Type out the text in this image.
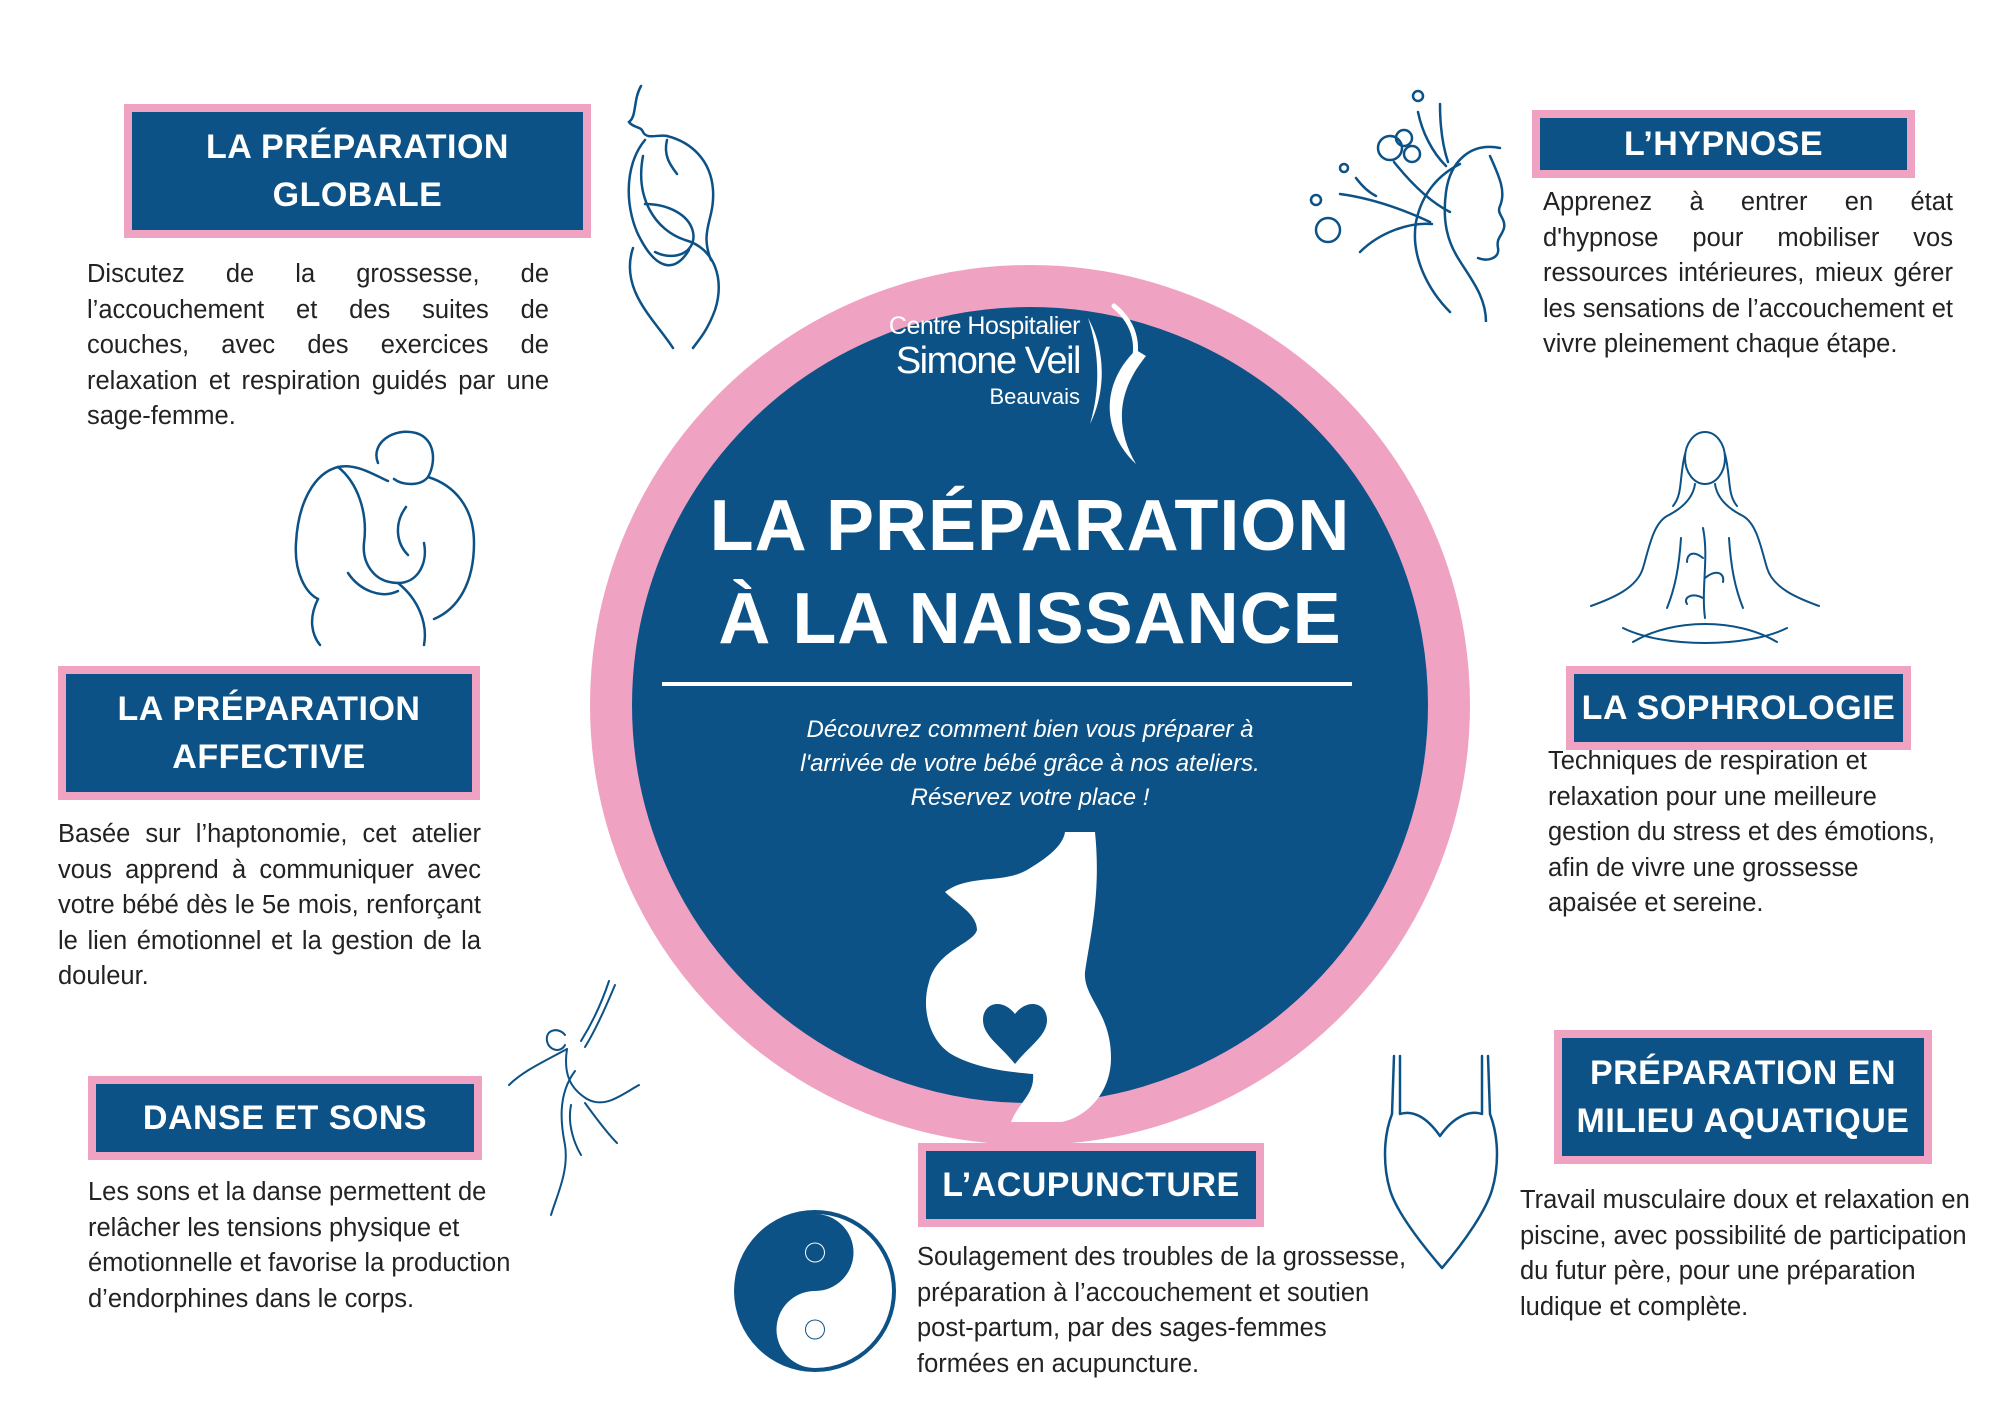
Centre Hospitalier
Simone Veil
Beauvais
LA PRÉPARATION
À LA NAISSANCE
Découvrez comment bien vous préparer à
l'arrivée de votre bébé grâce à nos ateliers.
Réservez votre place !
LA PRÉPARATION
GLOBALE
Discutez de la grossesse, de l’accouchement et des suites de couches, avec des exercices de relaxation et respiration guidés par une sage-femme.
LA PRÉPARATION
AFFECTIVE
Basée sur l’haptonomie, cet atelier vous apprend à communiquer avec votre bébé dès le 5e mois, renforçant le lien émotionnel et la gestion de la douleur.
DANSE ET SONS
Les sons et la danse permettent de relâcher les tensions physique et émotionnelle et favorise la production d’endorphines dans le corps.
L’HYPNOSE
Apprenez à entrer en état d'hypnose pour mobiliser vos ressources intérieures, mieux gérer les sensations de l’accouchement et vivre pleinement chaque étape.
LA SOPHROLOGIE
Techniques de respiration et relaxation pour une meilleure gestion du stress et des émotions, afin de vivre une grossesse apaisée et sereine.
PRÉPARATION EN
MILIEU AQUATIQUE
Travail musculaire doux et relaxation en piscine, avec possibilité de participation du futur père, pour une préparation ludique et complète.
L’ACUPUNCTURE
Soulagement des troubles de la grossesse, préparation à l’accouchement et soutien post-partum, par des sages-femmes formées en acupuncture.
